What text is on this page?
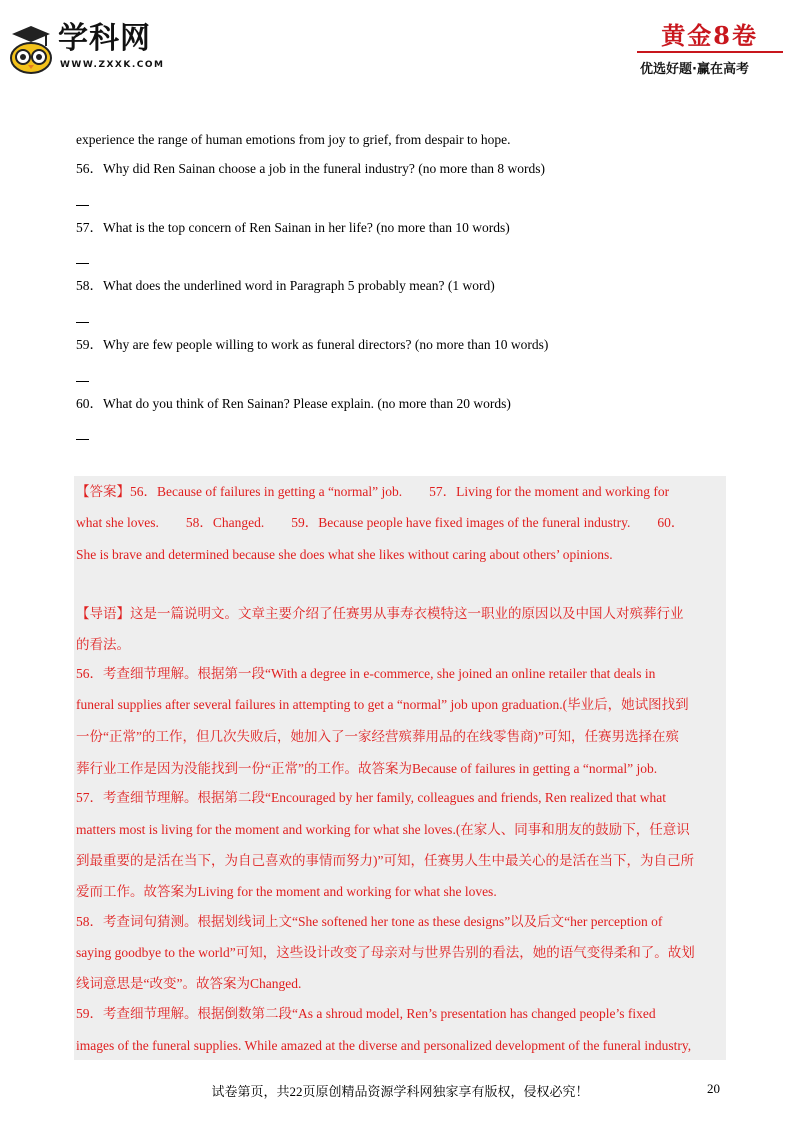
学科网
WWW.ZXXK.COM
黄金8卷
优选好题·赢在高考
experience the range of human emotions from joy to grief, from despair to hope.
56．Why did Ren Sainan choose a job in the funeral industry? (no more than 8 words)
57．What is the top concern of Ren Sainan in her life? (no more than 10 words)
58．What does the underlined word in Paragraph 5 probably mean? (1 word)
59．Why are few people willing to work as funeral directors? (no more than 10 words)
60．What do you think of Ren Sainan? Please explain. (no more than 20 words)
【答案】56．Because of failures in getting a “normal” job.　　57．Living for the moment and working for
what she loves.　　58．Changed.　　59．Because people have fixed images of the funeral industry.　　60．
She is brave and determined because she does what she likes without caring about others’ opinions.
【导语】这是一篇说明文。文章主要介绍了任赛男从事寿衣模特这一职业的原因以及中国人对殡葬行业
的看法。
56．考查细节理解。根据第一段“With a degree in e-commerce, she joined an online retailer that deals in
funeral supplies after several failures in attempting to get a “normal” job upon graduation.(毕业后，她试图找到
一份“正常”的工作，但几次失败后，她加入了一家经营殡葬用品的在线零售商)”可知，任赛男选择在殡
葬行业工作是因为没能找到一份“正常”的工作。故答案为Because of failures in getting a “normal” job.
57．考查细节理解。根据第二段“Encouraged by her family, colleagues and friends, Ren realized that what
matters most is living for the moment and working for what she loves.(在家人、同事和朋友的鼓励下，任意识
到最重要的是活在当下，为自己喜欢的事情而努力)”可知，任赛男人生中最关心的是活在当下，为自己所
爱而工作。故答案为Living for the moment and working for what she loves.
58．考查词句猜测。根据划线词上文“She softened her tone as these designs”以及后文“her perception of
saying goodbye to the world”可知，这些设计改变了母亲对与世界告别的看法，她的语气变得柔和了。故划
线词意思是“改变”。故答案为Changed.
59．考查细节理解。根据倒数第二段“As a shroud model, Ren’s presentation has changed people’s fixed
images of the funeral supplies. While amazed at the diverse and personalized development of the funeral industry,
试卷第页，共22页原创精品资源学科网独家享有版权，侵权必究！	20
